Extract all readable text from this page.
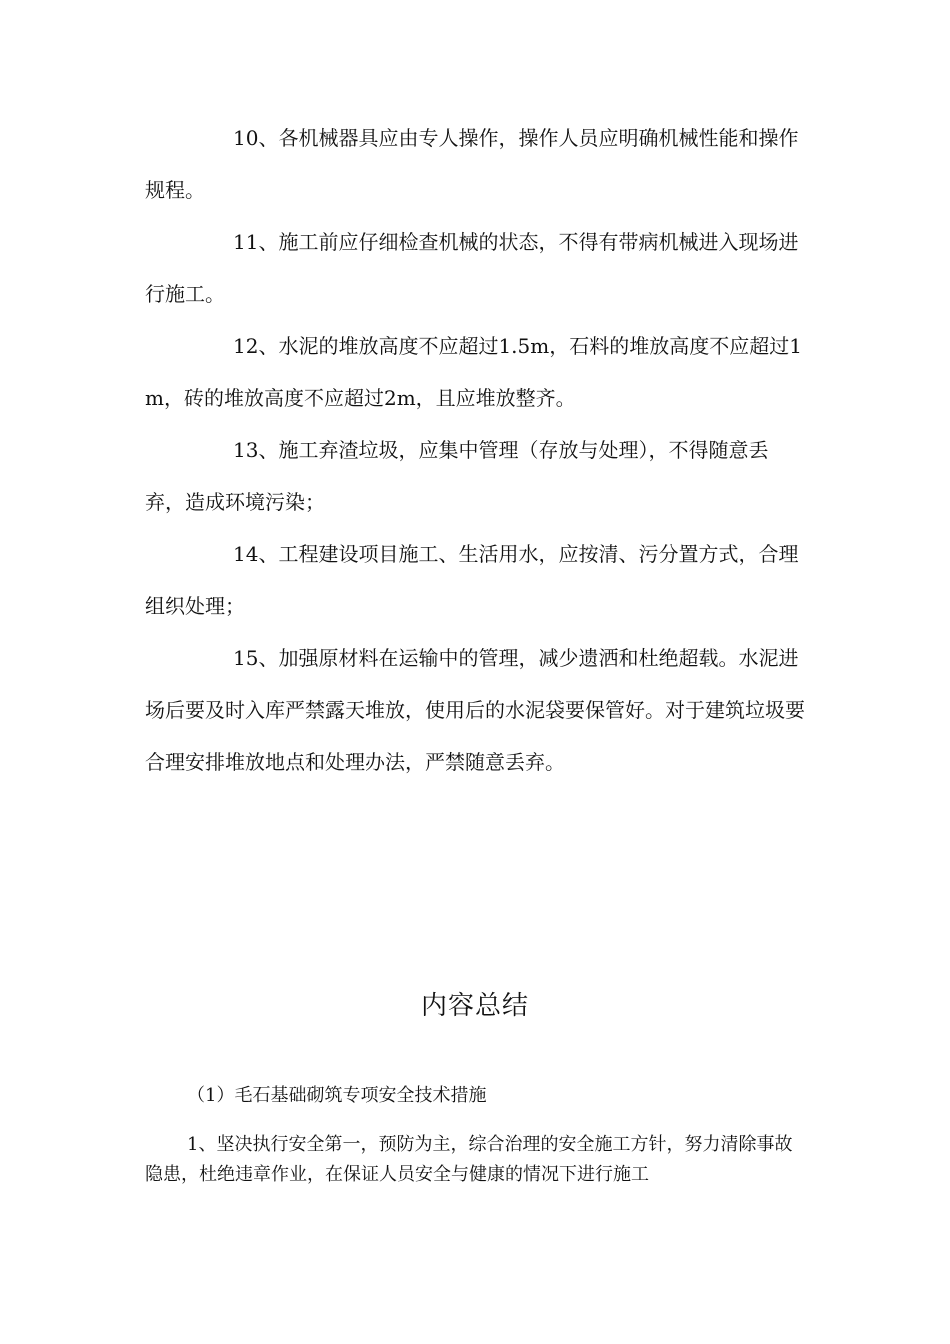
10、各机械器具应由专人操作，操作人员应明确机械性能和操作规程。

11、施工前应仔细检查机械的状态，不得有带病机械进入现场进行施工。

12、水泥的堆放高度不应超过1.5m，石料的堆放高度不应超过1m，砖的堆放高度不应超过2m，且应堆放整齐。

13、施工弃渣垃圾，应集中管理（存放与处理），不得随意丢弃，造成环境污染；

14、工程建设项目施工、生活用水，应按清、污分置方式，合理组织处理；

15、加强原材料在运输中的管理，减少遗洒和杜绝超载。水泥进场后要及时入库严禁露天堆放，使用后的水泥袋要保管好。对于建筑垃圾要合理安排堆放地点和处理办法，严禁随意丢弃。

内容总结

（1）毛石基础砌筑专项安全技术措施

1、坚决执行安全第一，预防为主，综合治理的安全施工方针，努力清除事故隐患，杜绝违章作业，在保证人员安全与健康的情况下进行施工
